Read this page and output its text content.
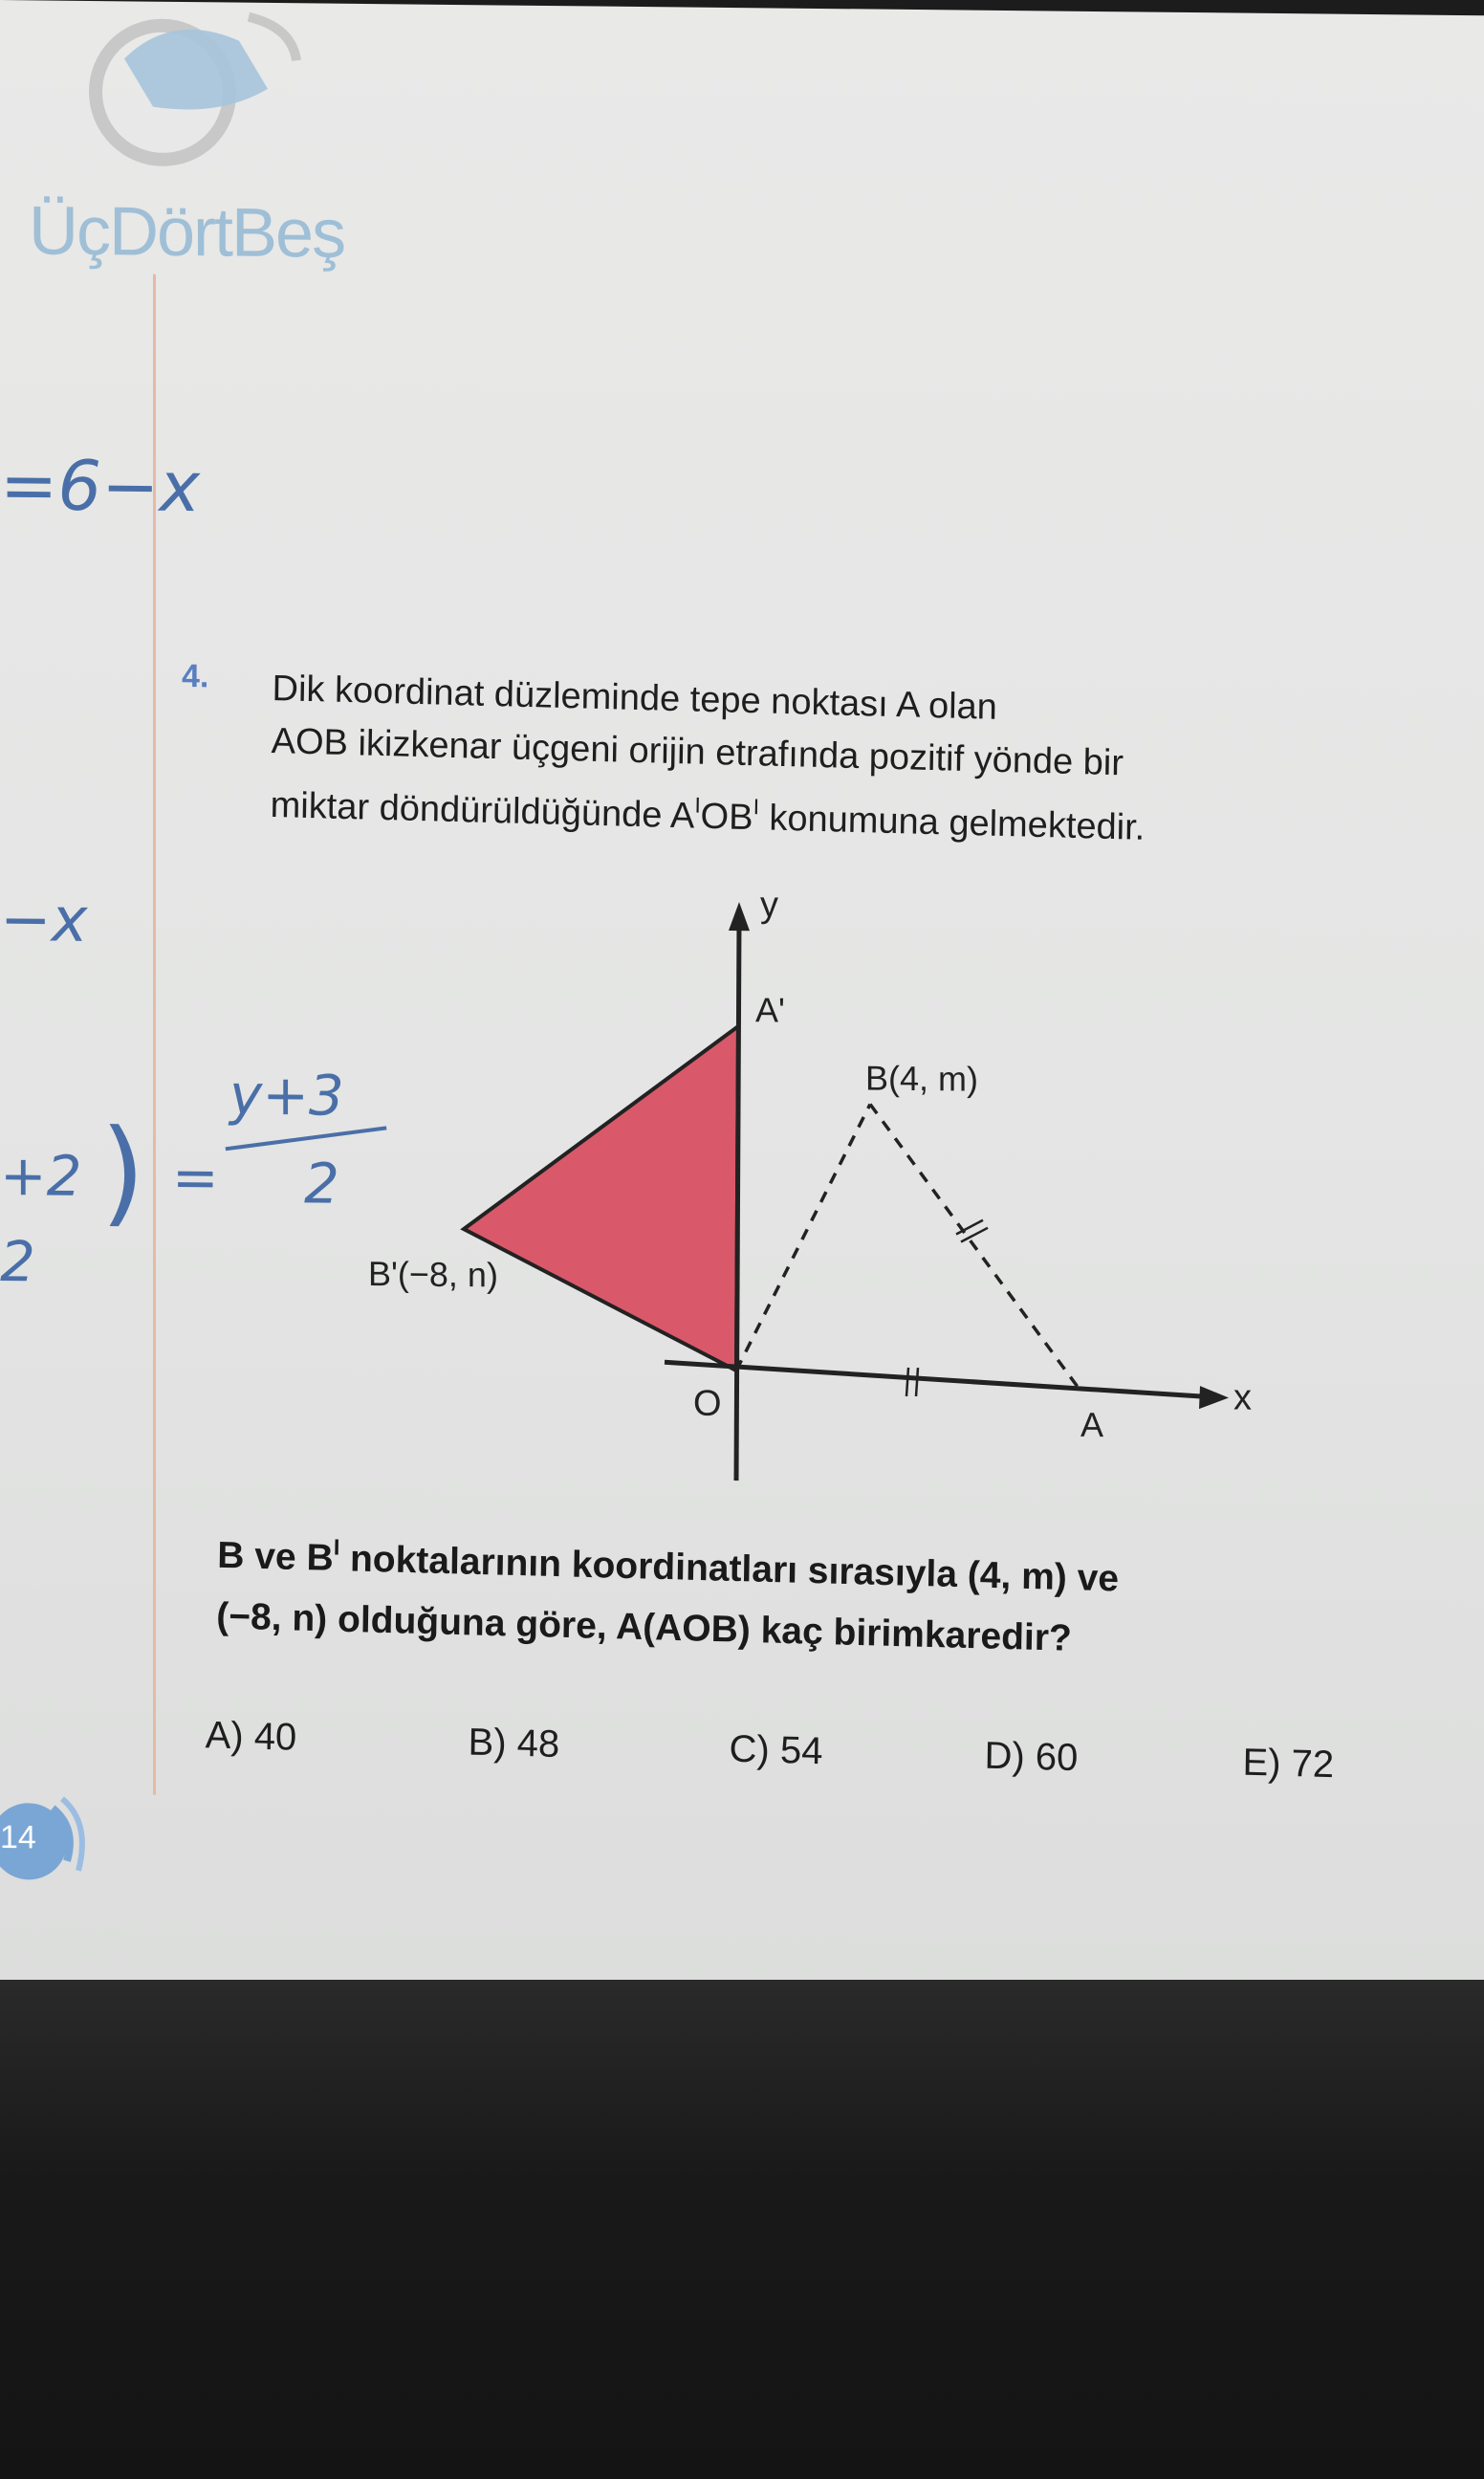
ÜçDörtBeş
=6−x
−x
+2
2
) =
y+3
2
4. Dik koordinat düzleminde tepe noktası A olan

AOB ikizkenar üçgeni orijin etrafında pozitif yönde bir

miktar döndürüldüğünde $A^IOB^I$ konumuna gelmektedir.

y
x
O
A'
B(4, m)
B'(−8, n)
A

B ve $B^I$ noktalarının koordinatları sırasıyla (4, m) ve

(−8, n) olduğuna göre, A(AOB) kaç birimkaredir?

A) 40	B) 48	C) 54	D) 60	E) 72
14
